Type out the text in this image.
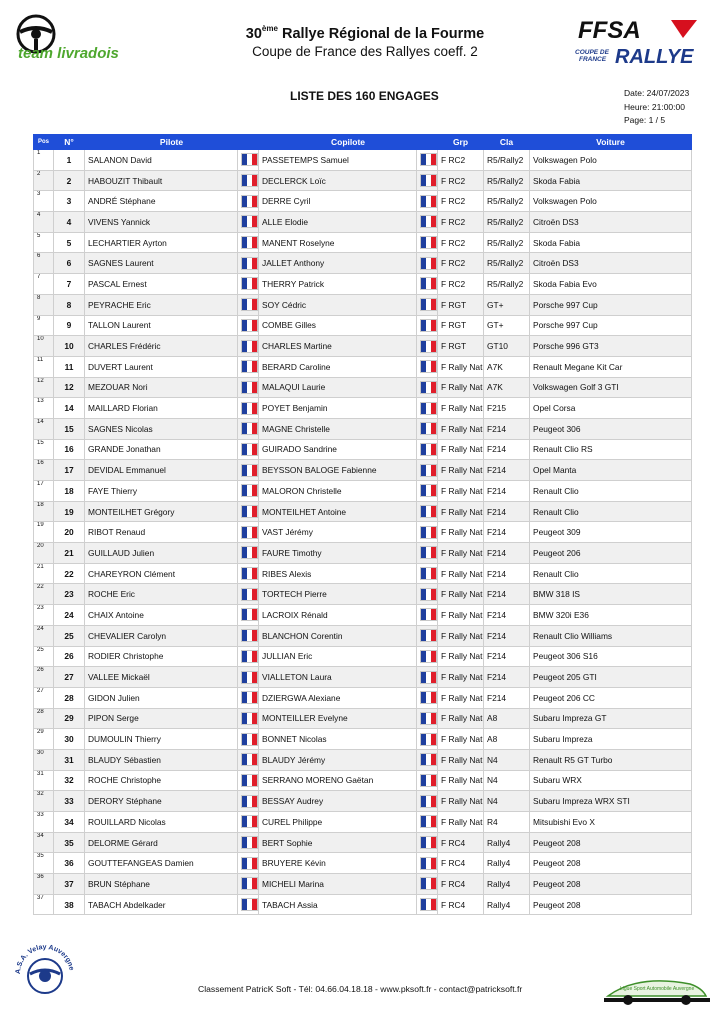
team livradois
30ème Rallye Régional de la Fourme
Coupe de France des Rallyes coeff. 2
FFSA
COUPE DE
FRANCE RALLYE
LISTE DES 160 ENGAGES	Date: 24/07/2023
Heure: 21:00:00
Page: 1 / 5
Pos	N°	Pilote		Copilote		Grp	Cla	Voiture
1	1	SALANON David		PASSETEMPS Samuel		F RC2	R5/Rally2	Volkswagen Polo
2	2	HABOUZIT Thibault		DECLERCK Loïc		F RC2	R5/Rally2	Skoda Fabia
3	3	ANDRÉ Stéphane		DERRE Cyril		F RC2	R5/Rally2	Volkswagen Polo
4	4	VIVENS Yannick		ALLE Elodie		F RC2	R5/Rally2	Citroën DS3
5	5	LECHARTIER Ayrton		MANENT Roselyne		F RC2	R5/Rally2	Skoda Fabia
6	6	SAGNES Laurent		JALLET Anthony		F RC2	R5/Rally2	Citroën DS3
7	7	PASCAL Ernest		THERRY Patrick		F RC2	R5/Rally2	Skoda Fabia Evo
8	8	PEYRACHE Eric		SOY Cédric		F RGT	GT+	Porsche 997 Cup
9	9	TALLON Laurent		COMBE Gilles		F RGT	GT+	Porsche 997 Cup
10	10	CHARLES Frédéric		CHARLES Martine		F RGT	GT10	Porsche 996 GT3
11	11	DUVERT Laurent		BERARD Caroline		F Rally Nat	A7K	Renault Megane Kit Car
12	12	MEZOUAR Nori		MALAQUI Laurie		F Rally Nat	A7K	Volkswagen Golf 3 GTI
13	14	MAILLARD Florian		POYET Benjamin		F Rally Nat	F215	Opel Corsa
14	15	SAGNES Nicolas		MAGNE Christelle		F Rally Nat	F214	Peugeot 306
15	16	GRANDE Jonathan		GUIRADO Sandrine		F Rally Nat	F214	Renault Clio RS
16	17	DEVIDAL Emmanuel		BEYSSON BALOGE Fabienne		F Rally Nat	F214	Opel Manta
17	18	FAYE Thierry		MALORON Christelle		F Rally Nat	F214	Renault Clio
18	19	MONTEILHET Grégory		MONTEILHET Antoine		F Rally Nat	F214	Renault Clio
19	20	RIBOT Renaud		VAST Jérémy		F Rally Nat	F214	Peugeot 309
20	21	GUILLAUD Julien		FAURE Timothy		F Rally Nat	F214	Peugeot 206
21	22	CHAREYRON Clément		RIBES Alexis		F Rally Nat	F214	Renault Clio
22	23	ROCHE Eric		TORTECH Pierre		F Rally Nat	F214	BMW 318 IS
23	24	CHAIX Antoine		LACROIX Rénald		F Rally Nat	F214	BMW 320i E36
24	25	CHEVALIER Carolyn		BLANCHON Corentin		F Rally Nat	F214	Renault Clio Williams
25	26	RODIER Christophe		JULLIAN Eric		F Rally Nat	F214	Peugeot 306 S16
26	27	VALLEE Mickaël		VIALLETON Laura		F Rally Nat	F214	Peugeot 205 GTI
27	28	GIDON Julien		DZIERGWA Alexiane		F Rally Nat	F214	Peugeot 206 CC
28	29	PIPON Serge		MONTEILLER Evelyne		F Rally Nat	A8	Subaru Impreza GT
29	30	DUMOULIN Thierry		BONNET Nicolas		F Rally Nat	A8	Subaru Impreza
30	31	BLAUDY Sébastien		BLAUDY Jérémy		F Rally Nat	N4	Renault R5 GT Turbo
31	32	ROCHE Christophe		SERRANO MORENO Gaëtan		F Rally Nat	N4	Subaru WRX
32	33	DERORY Stéphane		BESSAY Audrey		F Rally Nat	N4	Subaru Impreza WRX STI
33	34	ROUILLARD Nicolas		CUREL Philippe		F Rally Nat	R4	Mitsubishi Evo X
34	35	DELORME Gérard		BERT Sophie		F RC4	Rally4	Peugeot 208
35	36	GOUTTEFANGEAS Damien		BRUYERE Kévin		F RC4	Rally4	Peugeot 208
36	37	BRUN Stéphane		MICHELI Marina		F RC4	Rally4	Peugeot 208
37	38	TABACH Abdelkader		TABACH Assia		F RC4	Rally4	Peugeot 208
A.S.A. Velay Auvergne
Classement PatricK Soft - Tél: 04.66.04.18.18 - www.pksoft.fr - contact@patricksoft.fr	Ligue Sport Automobile Auvergne
